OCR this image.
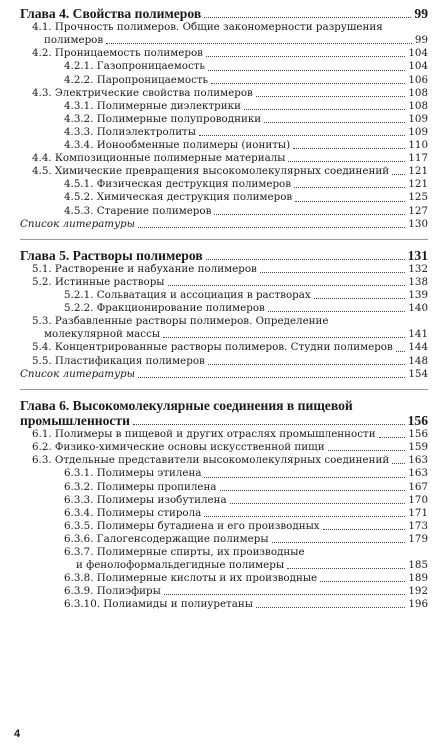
Глава 4. Свойства полимеров	99
4.1. Прочность полимеров. Общие закономерности разрушения
полимеров	99
4.2. Проницаемость полимеров	104
4.2.1. Газопроницаемость	104
4.2.2. Паропроницаемость	106
4.3. Электрические свойства полимеров	108
4.3.1. Полимерные диэлектрики	108
4.3.2. Полимерные полупроводники	109
4.3.3. Полиэлектролиты	109
4.3.4. Ионообменные полимеры (иониты)	110
4.4. Композиционные полимерные материалы	117
4.5. Химические превращения высокомолекулярных соединений 121
4.5.1. Физическая деструкция полимеров	121
4.5.2. Химическая деструкция полимеров	125
4.5.3. Старение полимеров	127
Список литературы	130
Глава 5. Растворы полимеров	131
5.1. Растворение и набухание полимеров	132
5.2. Истинные растворы	138
5.2.1. Сольватация и ассоциация в растворах	139
5.2.2. Фракционирование полимеров	140
5.3. Разбавленные растворы полимеров. Определение
молекулярной массы	141
5.4. Концентрированные растворы полимеров. Студни полимеров 144
5.5. Пластификация полимеров	148
Список литературы	154
Глава 6. Высокомолекулярные соединения в пищевой
промышленности	156
6.1. Полимеры в пищевой и других отраслях промышленности	156
6.2. Физико-химические основы искусственной пищи	159
6.3. Отдельные представители высокомолекулярных соединений 163
6.3.1. Полимеры этилена	163
6.3.2. Полимеры пропилена	167
6.3.3. Полимеры изобутилена	170
6.3.4. Полимеры стирола	171
6.3.5. Полимеры бутадиена и его производных	173
6.3.6. Галогенсодержащие полимеры	179
6.3.7. Полимерные спирты, их производные
и фенолоформальдегидные полимеры	185
6.3.8. Полимерные кислоты и их производные	189
6.3.9. Полиэфиры	192
6.3.10. Полиамиды и полиуретаны	196
4
